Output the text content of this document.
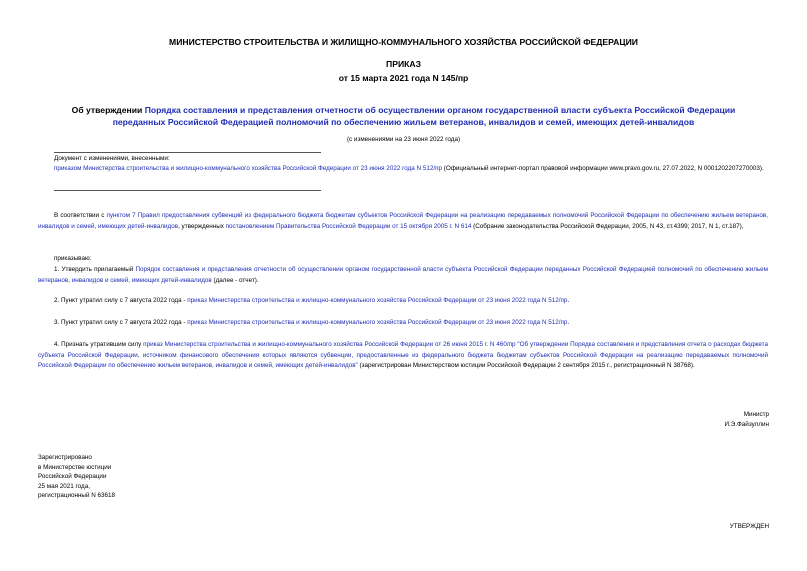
МИНИСТЕРСТВО СТРОИТЕЛЬСТВА И ЖИЛИЩНО-КОММУНАЛЬНОГО ХОЗЯЙСТВА РОССИЙСКОЙ ФЕДЕРАЦИИ
ПРИКАЗ
от 15 марта 2021 года N 145/пр
Об утверждении Порядка составления и представления отчетности об осуществлении органом государственной власти субъекта Российской Федерации
переданных Российской Федерацией полномочий по обеспечению жильем ветеранов, инвалидов и семей, имеющих детей-инвалидов
(с изменениями на 23 июня 2022 года)
Документ с изменениями, внесенными:
приказом Министерства строительства и жилищно-коммунального хозяйства Российской Федерации от 23 июня 2022 года N 512/пр (Официальный интернет-портал правовой информации www.pravo.gov.ru, 27.07.2022, N 0001202207270003).
В соответствии с пунктом 7 Правил предоставления субвенций из федерального бюджета бюджетам субъектов Российской Федерации на реализацию передаваемых полномочий Российской Федерации по обеспечению жильем ветеранов, инвалидов и семей, имеющих детей-инвалидов, утвержденных постановлением Правительства Российской Федерации от 15 октября 2005 г. N 614 (Собрание законодательства Российской Федерации, 2005, N 43, ст.4399; 2017, N 1, ст.187),
приказываю:
1. Утвердить прилагаемый Порядок составления и представления отчетности об осуществлении органом государственной власти субъекта Российской Федерации переданных Российской Федерацией полномочий по обеспечению жильем ветеранов, инвалидов и семей, имеющих детей-инвалидов (далее - отчет).
2. Пункт утратил силу с 7 августа 2022 года - приказ Министерства строительства и жилищно-коммунального хозяйства Российской Федерации от 23 июня 2022 года N 512/пр.
3. Пункт утратил силу с 7 августа 2022 года - приказ Министерства строительства и жилищно-коммунального хозяйства Российской Федерации от 23 июня 2022 года N 512/пр.
4. Признать утратившим силу приказ Министерства строительства и жилищно-коммунального хозяйства Российской Федерации от 26 июня 2015 г. N 460/пр "Об утверждении Порядка составления и представления отчета о расходах бюджета субъекта Российской Федерации, источником финансового обеспечения которых являются субвенции, предоставленные из федерального бюджета бюджетам субъектов Российской Федерации на реализацию передаваемых полномочий Российской Федерации по обеспечению жильем ветеранов, инвалидов и семей, имеющих детей-инвалидов" (зарегистрирован Министерством юстиции Российской Федерации 2 сентября 2015 г., регистрационный N 38768).
Министр
И.Э.Файзуллин
Зарегистрировано
в Министерстве юстиции
Российской Федерации
25 мая 2021 года,
регистрационный N 63618
УТВЕРЖДЕН
